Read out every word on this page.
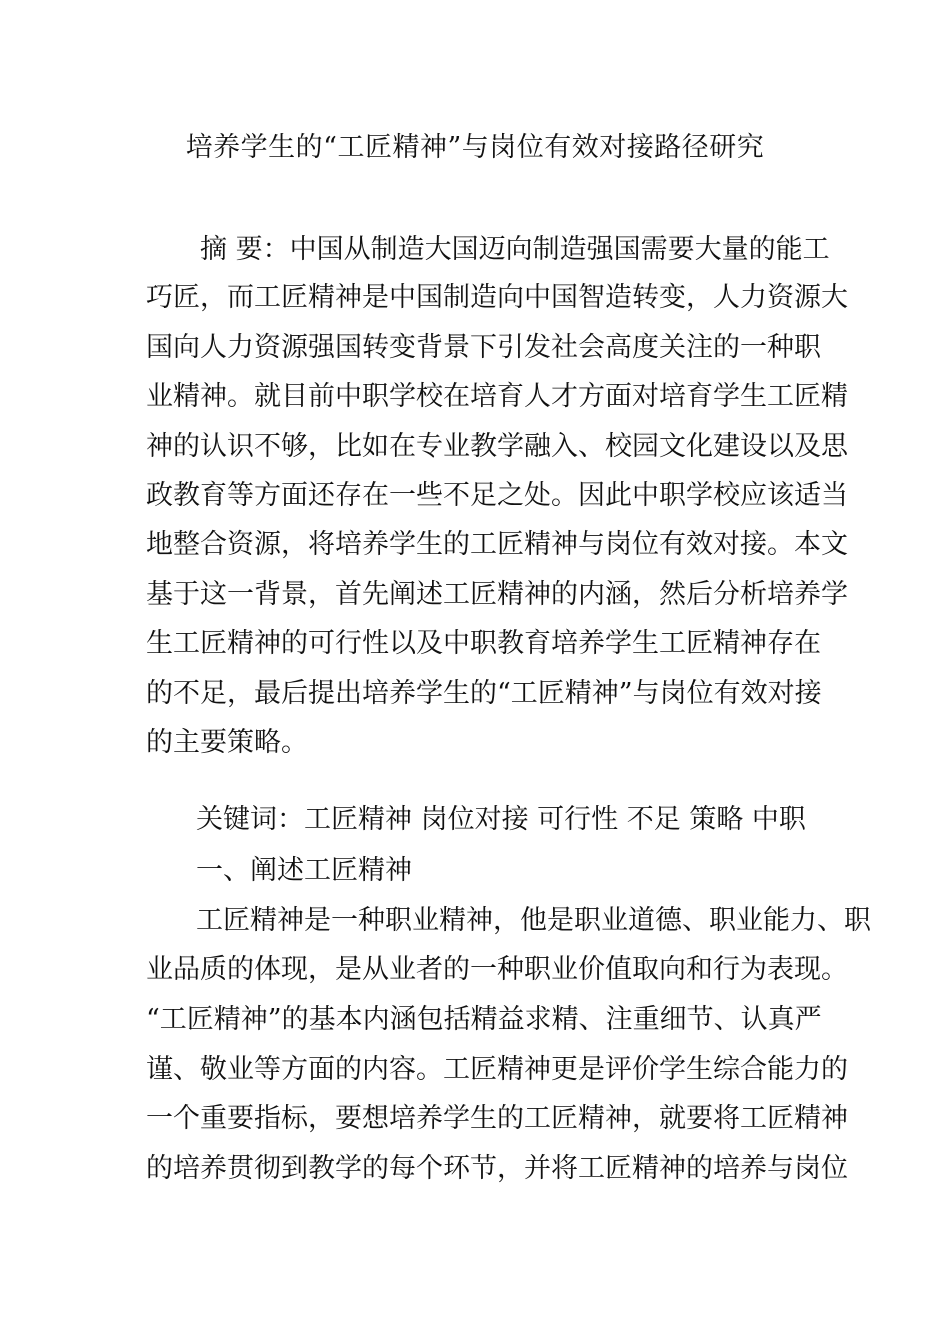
培养学生的“工匠精神”与岗位有效对接路径研究
摘 要：中国从制造大国迈向制造强国需要大量的能工
巧匠，而工匠精神是中国制造向中国智造转变，人力资源大
国向人力资源强国转变背景下引发社会高度关注的一种职
业精神。就目前中职学校在培育人才方面对培育学生工匠精
神的认识不够，比如在专业教学融入、校园文化建设以及思
政教育等方面还存在一些不足之处。因此中职学校应该适当
地整合资源，将培养学生的工匠精神与岗位有效对接。本文
基于这一背景，首先阐述工匠精神的内涵，然后分析培养学
生工匠精神的可行性以及中职教育培养学生工匠精神存在
的不足，最后提出培养学生的“工匠精神”与岗位有效对接
的主要策略。
关键词：工匠精神 岗位对接 可行性 不足 策略 中职
一、阐述工匠精神
工匠精神是一种职业精神，他是职业道德、职业能力、职
业品质的体现，是从业者的一种职业价值取向和行为表现。
“工匠精神”的基本内涵包括精益求精、注重细节、认真严
谨、敬业等方面的内容。工匠精神更是评价学生综合能力的
一个重要指标，要想培养学生的工匠精神，就要将工匠精神
的培养贯彻到教学的每个环节，并将工匠精神的培养与岗位
